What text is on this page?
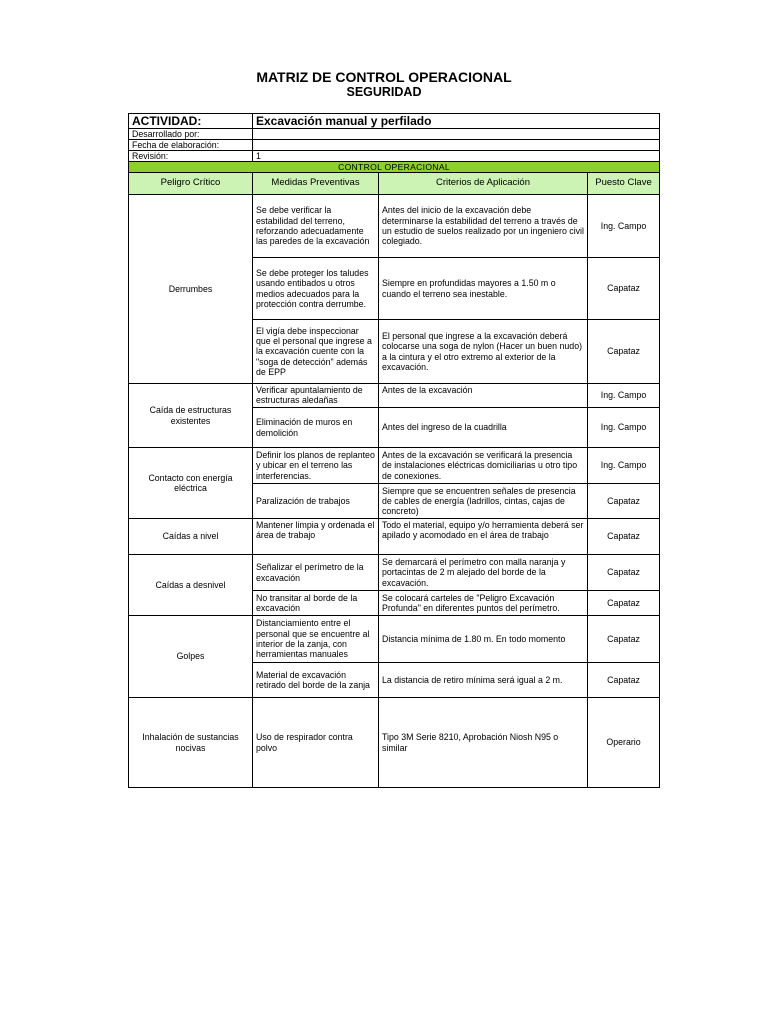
MATRIZ DE CONTROL OPERACIONAL
SEGURIDAD
ACTIVIDAD:	Excavación manual y perfilado		
Desarrollado por:			
Fecha de elaboración:			
Revisión:	1		
CONTROL OPERACIONAL			
Peligro Crítico	Medidas Preventivas	Criterios de Aplicación	Puesto Clave
Derrumbes	Se debe verificar la estabilidad del terreno, reforzando adecuadamente las paredes de la excavación	Antes del inicio de la excavación debe determinarse la estabilidad del terreno a través de un estudio de suelos realizado por un ingeniero civil colegiado.	Ing. Campo
	Se debe proteger los taludes usando entibados u otros medios adecuados para la protección contra derrumbe.	Siempre en profundidas mayores a 1.50 m o cuando el terreno sea inestable.	Capataz
	El vigía debe inspeccionar que el personal que ingrese a la excavación cuente con la "soga de detección" además de EPP	El personal que ingrese a la excavación deberá colocarse una soga de nylon (Hacer un buen nudo) a la cintura y el otro extremo al exterior de la excavación.	Capataz
Caída de estructuras existentes	Verificar apuntalamiento de estructuras aledañas	Antes de la excavación	Ing. Campo
	Eliminación de muros en demolición	Antes del ingreso de la cuadrilla	Ing. Campo
Contacto con energía eléctrica	Definir los planos de replanteo y ubicar en el terreno las interferencias.	Antes de la excavación se verificará la presencia de instalaciones eléctricas domiciliarias u otro tipo de conexiones.	Ing. Campo
	Paralización de trabajos	Siempre que se encuentren señales de presencia de cables de energía (ladrillos, cintas, cajas de concreto)	Capataz
Caídas a nivel	Mantener limpia y ordenada el área de trabajo	Todo el material, equipo y/o herramienta deberá ser apilado y acomodado en el área de trabajo	Capataz
Caídas a desnivel	Señalizar el perímetro de la excavación	Se demarcará el perímetro con malla naranja y portacintas de 2 m alejado del borde de la excavación.	Capataz
	No transitar al borde de la excavación	Se colocará carteles de "Peligro Excavación Profunda" en diferentes puntos del perímetro.	Capataz
Golpes	Distanciamiento entre el personal que se encuentre al interior de la zanja, con herramientas manuales	Distancia mínima de 1.80 m. En todo momento	Capataz
	Material de excavación retirado del borde de la zanja	La distancia de retiro mínima será igual a 2 m.	Capataz
Inhalación de sustancias nocivas	Uso de respirador contra polvo	Tipo 3M Serie 8210, Aprobación Niosh N95 o similar	Operario
